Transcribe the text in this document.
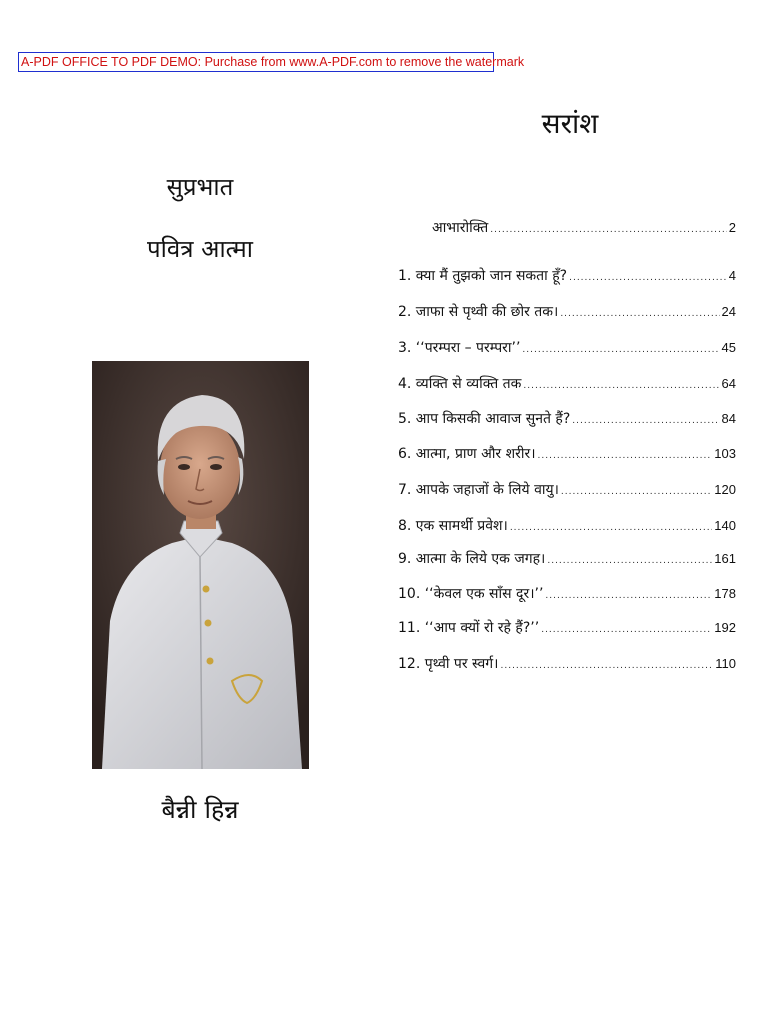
A-PDF OFFICE TO PDF DEMO: Purchase from www.A-PDF.com to remove the watermark
सुप्रभात
पवित्र आत्मा
बैन्नी हिन्न
सरांश
आभारोक्ति .....	2
1. क्या मैं तुझको जान सकता हूँ? .....	4
2. जाफा से पृथ्वी की छोर तक। .....	24
3. ‘‘परम्परा – परम्परा’’ .....	45
4. व्यक्ति से व्यक्ति तक .....	64
5. आप किसकी आवाज सुनते हैं? .....	84
6. आत्मा, प्राण और शरीर। .....	103
7. आपके जहाजों के लिये वायु। .....	120
8. एक सामर्थी प्रवेश। .....	140
9. आत्मा के लिये एक जगह। .....	161
10. ‘‘केवल एक साँस दूर।’’ .....	178
11. ‘‘आप क्यों रो रहे हैं?’’ .....	192
12. पृथ्वी पर स्वर्ग। .....	110
